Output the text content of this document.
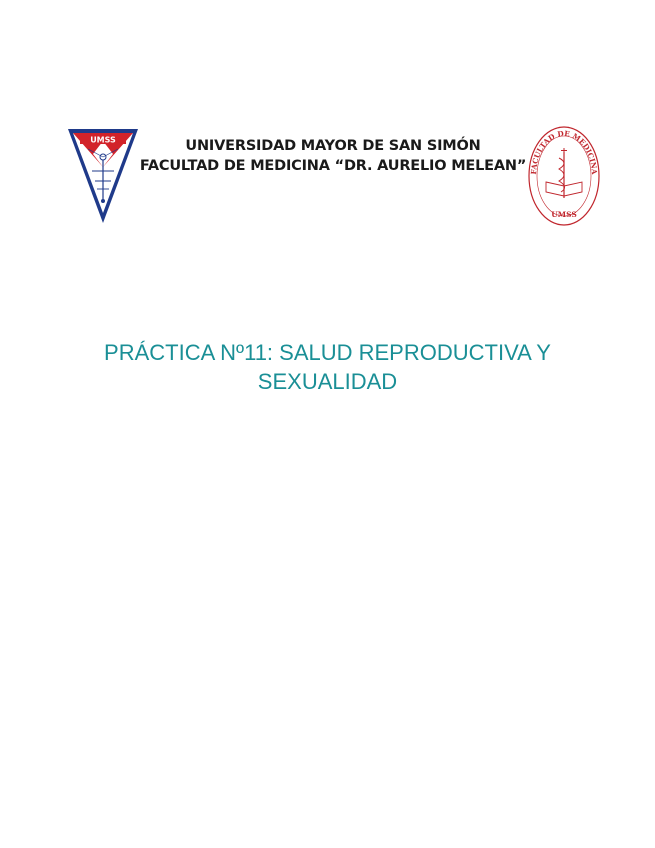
UMSS	UNIVERSIDAD MAYOR DE SAN SIMÓN
FACULTAD DE MEDICINA “DR. AURELIO MELEAN” FACULTAD DE MEDICINA
UMSS
PRÁCTICA Nº11: SALUD REPRODUCTIVA Y
SEXUALIDAD
